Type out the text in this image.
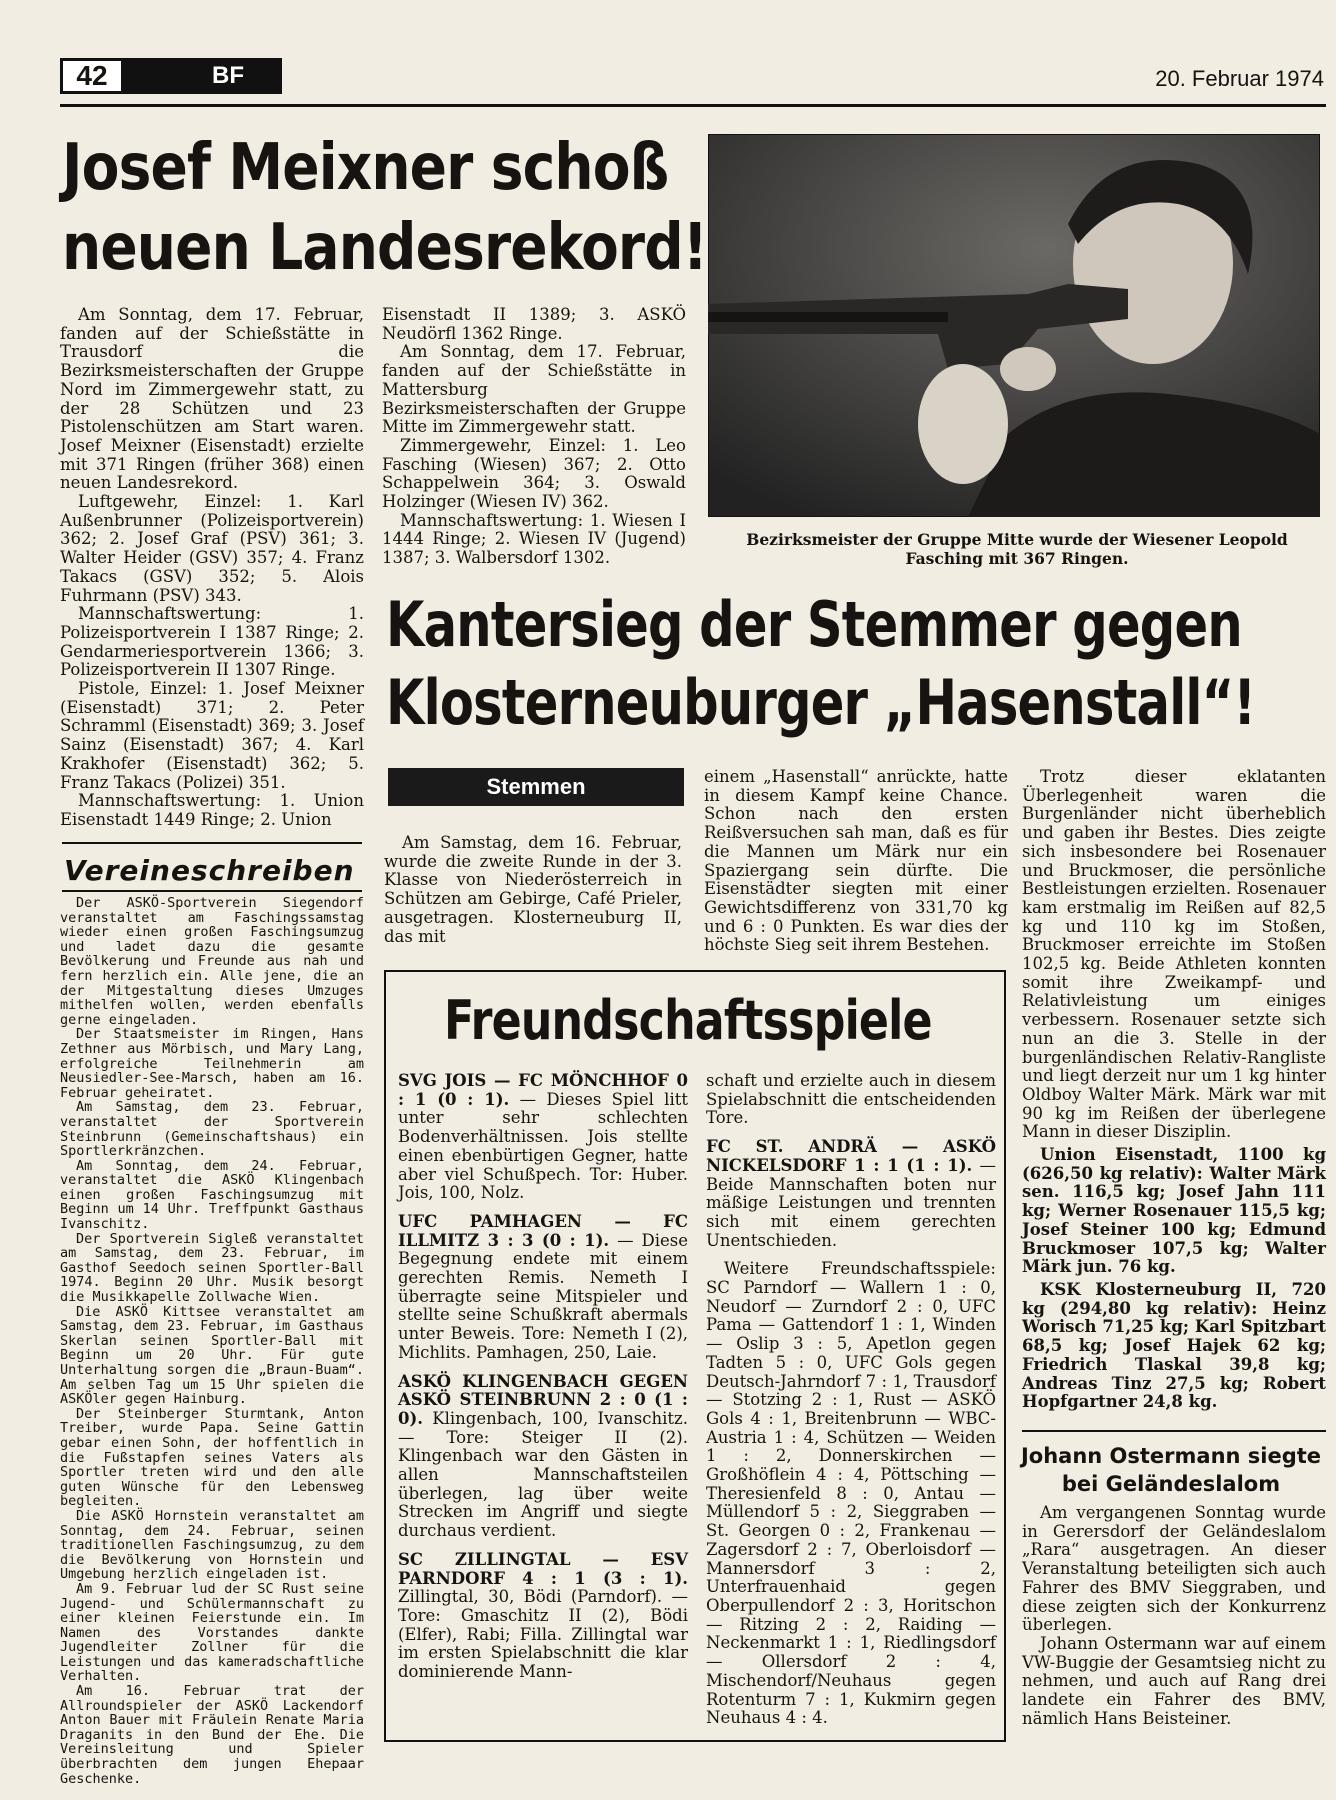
42	BF	20. Februar 1974
Josef Meixner schoß
neuen Landesrekord!

Am Sonntag, dem 17. Februar, fanden auf der Schießstätte in Trausdorf die Bezirksmeisterschaften der Gruppe Nord im Zimmergewehr statt, zu der 28 Schützen und 23 Pistolenschützen am Start waren. Josef Meixner (Eisenstadt) erzielte mit 371 Ringen (früher 368) einen neuen Landesrekord.

Luftgewehr, Einzel: 1. Karl Außenbrunner (Polizeisportverein) 362; 2. Josef Graf (PSV) 361; 3. Walter Heider (GSV) 357; 4. Franz Takacs (GSV) 352; 5. Alois Fuhrmann (PSV) 343.

Mannschaftswertung: 1. Polizeisportverein I 1387 Ringe; 2. Gendarmeriesportverein 1366; 3. Polizeisportverein II 1307 Ringe.

Pistole, Einzel: 1. Josef Meixner (Eisenstadt) 371; 2. Peter Schramml (Eisenstadt) 369; 3. Josef Sainz (Eisenstadt) 367; 4. Karl Krakhofer (Eisenstadt) 362; 5. Franz Takacs (Polizei) 351.

Mannschaftswertung: 1. Union Eisenstadt 1449 Ringe; 2. Union

Eisenstadt II 1389; 3. ASKÖ Neudörfl 1362 Ringe.

Am Sonntag, dem 17. Februar, fanden auf der Schießstätte in Mattersburg Bezirksmeisterschaften der Gruppe Mitte im Zimmergewehr statt.

Zimmergewehr, Einzel: 1. Leo Fasching (Wiesen) 367; 2. Otto Schappelwein 364; 3. Oswald Holzinger (Wiesen IV) 362.

Mannschaftswertung: 1. Wiesen I 1444 Ringe; 2. Wiesen IV (Jugend) 1387; 3. Walbersdorf 1302.

Bezirksmeister der Gruppe Mitte wurde der Wiesener Leopold Fasching mit 367 Ringen.
Kantersieg der Stemmer gegen
Klosterneuburger „Hasenstall“!
Stemmen

Am Samstag, dem 16. Februar, wurde die zweite Runde in der 3. Klasse von Niederösterreich in Schützen am Gebirge, Café Prieler, ausgetragen. Klosterneuburg II, das mit

einem „Hasenstall“ anrückte, hatte in diesem Kampf keine Chance. Schon nach den ersten Reißversuchen sah man, daß es für die Mannen um Märk nur ein Spaziergang sein dürfte. Die Eisenstädter siegten mit einer Gewichtsdifferenz von 331,70 kg und 6 : 0 Punkten. Es war dies der höchste Sieg seit ihrem Bestehen.

Trotz dieser eklatanten Überlegenheit waren die Burgenländer nicht überheblich und gaben ihr Bestes. Dies zeigte sich insbesondere bei Rosenauer und Bruckmoser, die persönliche Bestleistungen erzielten. Rosenauer kam erstmalig im Reißen auf 82,5 kg und 110 kg im Stoßen, Bruckmoser erreichte im Stoßen 102,5 kg. Beide Athleten konnten somit ihre Zweikampf- und Relativleistung um einiges verbessern. Rosenauer setzte sich nun an die 3. Stelle in der burgenländischen Relativ-Rangliste und liegt derzeit nur um 1 kg hinter Oldboy Walter Märk. Märk war mit 90 kg im Reißen der überlegene Mann in dieser Disziplin.

Union Eisenstadt, 1100 kg (626,50 kg relativ): Walter Märk sen. 116,5 kg; Josef Jahn 111 kg; Werner Rosenauer 115,5 kg; Josef Steiner 100 kg; Edmund Bruckmoser 107,5 kg; Walter Märk jun. 76 kg.

KSK Klosterneuburg II, 720 kg (294,80 kg relativ): Heinz Worisch 71,25 kg; Karl Spitzbart 68,5 kg; Josef Hajek 62 kg; Friedrich Tlaskal 39,8 kg; Andreas Tinz 27,5 kg; Robert Hopfgartner 24,8 kg.

Vereineschreiben

Der ASKÖ-Sportverein Siegendorf veranstaltet am Faschingssamstag wieder einen großen Faschingsumzug und ladet dazu die gesamte Bevölkerung und Freunde aus nah und fern herzlich ein. Alle jene, die an der Mitgestaltung dieses Umzuges mithelfen wollen, werden ebenfalls gerne eingeladen.

Der Staatsmeister im Ringen, Hans Zethner aus Mörbisch, und Mary Lang, erfolgreiche Teilnehmerin am Neusiedler-See-Marsch, haben am 16. Februar geheiratet.

Am Samstag, dem 23. Februar, veranstaltet der Sportverein Steinbrunn (Gemeinschaftshaus) ein Sportlerkränzchen.

Am Sonntag, dem 24. Februar, veranstaltet die ASKÖ Klingenbach einen großen Faschingsumzug mit Beginn um 14 Uhr. Treffpunkt Gasthaus Ivanschitz.

Der Sportverein Sigleß veranstaltet am Samstag, dem 23. Februar, im Gasthof Seedoch seinen Sportler-Ball 1974. Beginn 20 Uhr. Musik besorgt die Musikkapelle Zollwache Wien.

Die ASKÖ Kittsee veranstaltet am Samstag, dem 23. Februar, im Gasthaus Skerlan seinen Sportler-Ball mit Beginn um 20 Uhr. Für gute Unterhaltung sorgen die „Braun-Buam“. Am selben Tag um 15 Uhr spielen die ASKÖler gegen Hainburg.

Der Steinberger Sturmtank, Anton Treiber, wurde Papa. Seine Gattin gebar einen Sohn, der hoffentlich in die Fußstapfen seines Vaters als Sportler treten wird und den alle guten Wünsche für den Lebensweg begleiten.

Die ASKÖ Hornstein veranstaltet am Sonntag, dem 24. Februar, seinen traditionellen Faschingsumzug, zu dem die Bevölkerung von Hornstein und Umgebung herzlich eingeladen ist.

Am 9. Februar lud der SC Rust seine Jugend- und Schülermannschaft zu einer kleinen Feierstunde ein. Im Namen des Vorstandes dankte Jugendleiter Zollner für die Leistungen und das kameradschaftliche Verhalten.

Am 16. Februar trat der Allroundspieler der ASKÖ Lackendorf Anton Bauer mit Fräulein Renate Maria Draganits in den Bund der Ehe. Die Vereinsleitung und Spieler überbrachten dem jungen Ehepaar Geschenke.

Freundschaftsspiele

SVG JOIS — FC MÖNCHHOF 0 : 1 (0 : 1). — Dieses Spiel litt unter sehr schlechten Bodenverhältnissen. Jois stellte einen ebenbürtigen Gegner, hatte aber viel Schußpech. Tor: Huber. Jois, 100, Nolz.

UFC PAMHAGEN — FC ILLMITZ 3 : 3 (0 : 1). — Diese Begegnung endete mit einem gerechten Remis. Nemeth I überragte seine Mitspieler und stellte seine Schußkraft abermals unter Beweis. Tore: Nemeth I (2), Michlits. Pamhagen, 250, Laie.

ASKÖ KLINGENBACH GEGEN ASKÖ STEINBRUNN 2 : 0 (1 : 0). Klingenbach, 100, Ivanschitz. — Tore: Steiger II (2). Klingenbach war den Gästen in allen Mannschaftsteilen überlegen, lag über weite Strecken im Angriff und siegte durchaus verdient.

SC ZILLINGTAL — ESV PARNDORF 4 : 1 (3 : 1). Zillingtal, 30, Bödi (Parndorf). — Tore: Gmaschitz II (2), Bödi (Elfer), Rabi; Filla. Zillingtal war im ersten Spielabschnitt die klar dominierende Mann-

schaft und erzielte auch in diesem Spielabschnitt die entscheidenden Tore.

FC ST. ANDRÄ — ASKÖ NICKELSDORF 1 : 1 (1 : 1). — Beide Mannschaften boten nur mäßige Leistungen und trennten sich mit einem gerechten Unentschieden.

Weitere Freundschaftsspiele: SC Parndorf — Wallern 1 : 0, Neudorf — Zurndorf 2 : 0, UFC Pama — Gattendorf 1 : 1, Winden — Oslip 3 : 5, Apetlon gegen Tadten 5 : 0, UFC Gols gegen Deutsch-Jahrndorf 7 : 1, Trausdorf — Stotzing 2 : 1, Rust — ASKÖ Gols 4 : 1, Breitenbrunn — WBC-Austria 1 : 4, Schützen — Weiden 1 : 2, Donnerskirchen — Großhöflein 4 : 4, Pöttsching — Theresienfeld 8 : 0, Antau — Müllendorf 5 : 2, Sieggraben — St. Georgen 0 : 2, Frankenau — Zagersdorf 2 : 7, Oberloisdorf — Mannersdorf 3 : 2, Unterfrauenhaid gegen Oberpullendorf 2 : 3, Horitschon — Ritzing 2 : 2, Raiding — Neckenmarkt 1 : 1, Riedlingsdorf — Ollersdorf 2 : 4, Mischendorf/Neuhaus gegen Rotenturm 7 : 1, Kukmirn gegen Neuhaus 4 : 4.

Johann Ostermann siegte
bei Geländeslalom

Am vergangenen Sonntag wurde in Gerersdorf der Geländeslalom „Rara“ ausgetragen. An dieser Veranstaltung beteiligten sich auch Fahrer des BMV Sieggraben, und diese zeigten sich der Konkurrenz überlegen.

Johann Ostermann war auf einem VW-Buggie der Gesamtsieg nicht zu nehmen, und auch auf Rang drei landete ein Fahrer des BMV, nämlich Hans Beisteiner.
